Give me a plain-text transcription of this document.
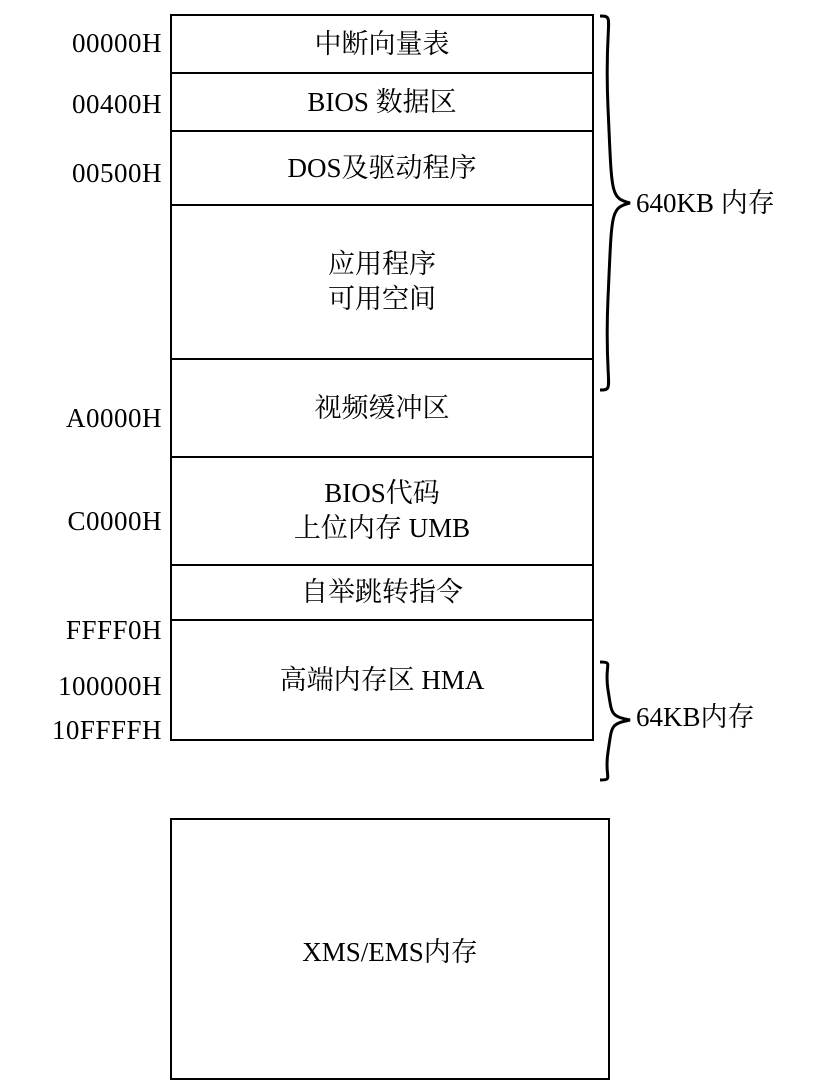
00000H
00400H
00500H
A0000H
C0000H
FFFF0H
100000H
10FFFFH
中断向量表
BIOS 数据区
DOS及驱动程序
应用程序
可用空间
视频缓冲区
BIOS代码
上位内存 UMB
自举跳转指令
高端内存区 HMA
XMS/EMS内存
640KB 内存
64KB内存
